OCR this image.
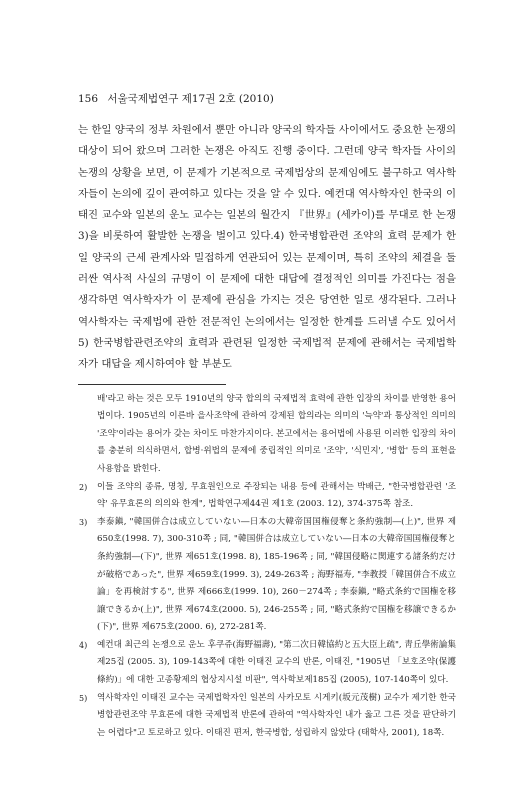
156 서울국제법연구 제17권 2호 (2010)

는 한일 양국의 정부 차원에서 뿐만 아니라 양국의 학자들 사이에서도 중요한 논쟁의 대상이 되어 왔으며 그러한 논쟁은 아직도 진행 중이다. 그런데 양국 학자들 사이의 논쟁의 상황을 보면, 이 문제가 기본적으로 국제법상의 문제임에도 불구하고 역사학자들이 논의에 깊이 관여하고 있다는 것을 알 수 있다. 예컨대 역사학자인 한국의 이태진 교수와 일본의 운노 교수는 일본의 월간지 『世界』(세카이)를 무대로 한 논쟁3)을 비롯하여 활발한 논쟁을 벌이고 있다.4) 한국병합관련 조약의 효력 문제가 한일 양국의 근세 관계사와 밀접하게 연관되어 있는 문제이며, 특히 조약의 체결을 둘러싼 역사적 사실의 규명이 이 문제에 대한 대답에 결정적인 의미를 가진다는 점을 생각하면 역사학자가 이 문제에 관심을 가지는 것은 당연한 일로 생각된다. 그러나 역사학자는 국제법에 관한 전문적인 논의에서는 일정한 한계를 드러낼 수도 있어서5) 한국병합관련조약의 효력과 관련된 일정한 국제법적 문제에 관해서는 국제법학자가 대답을 제시하여야 할 부분도

배'라고 하는 것은 모두 1910년의 양국 합의의 국제법적 효력에 관한 입장의 차이를 반영한 용어법이다. 1905년의 이른바 을사조약에 관하여 강제된 합의라는 의미의 '늑약'과 통상적인 의미의 '조약'이라는 용어가 갖는 차이도 마찬가지이다. 본고에서는 용어법에 사용된 이러한 입장의 차이를 충분히 의식하면서, 합병·위법의 문제에 중립적인 의미로 '조약', '식민지', '병합' 등의 표현을 사용함을 밝힌다.
2)	이들 조약의 종류, 명칭, 무효원인으로 주장되는 내용 등에 관해서는 박배근, "한국병합관련 '조약' 유무효론의 의의와 한계", 법학연구제44권 제1호 (2003. 12), 374-375쪽 참조.
3)	李泰鎭, "韓国併合は成立していない―日本の大韓帝国国権侵奪と条約強制―(上)", 世界 제650호(1998. 7), 300-310쪽 ; 同, "韓国併合は成立していない―日本の大韓帝国国権侵奪と条約強制―(下)", 世界 제651호(1998. 8), 185-196쪽 ; 同, "韓国侵略に関連する諸条約だけが破格であった", 世界 제659호(1999. 3), 249-263쪽 ; 海野福寿, "李教授「韓国併合不成立論」を再検討する", 世界 제666호(1999. 10), 260－274쪽 ; 李泰鎭, "略式条約で国権を移譲できるか(上)", 世界 제674호(2000. 5), 246-255쪽 ; 同, "略式条約で国権を移譲できるか(下)", 世界 제675호(2000. 6), 272-281쪽.
4)	예컨대 최근의 논쟁으로 운노 후쿠쥬(海野福壽), "第二次日韓協約と五大臣上疏", 靑丘學術論集 제25집 (2005. 3), 109-143쪽에 대한 이태진 교수의 반론, 이태진, "1905년 「보호조약(保護條約)」에 대한 고종황제의 협상지시설 비판", 역사학보제185집 (2005), 107-140쪽이 있다.
5)	역사학자인 이태진 교수는 국제법학자인 일본의 사카모토 시게키(坂元茂樹) 교수가 제기한 한국병합관련조약 무효론에 대한 국제법적 반론에 관하여 "역사학자인 내가 옳고 그른 것을 판단하기는 어렵다"고 토로하고 있다. 이태진 편저, 한국병합, 성립하지 않았다 (태학사, 2001), 18쪽.
